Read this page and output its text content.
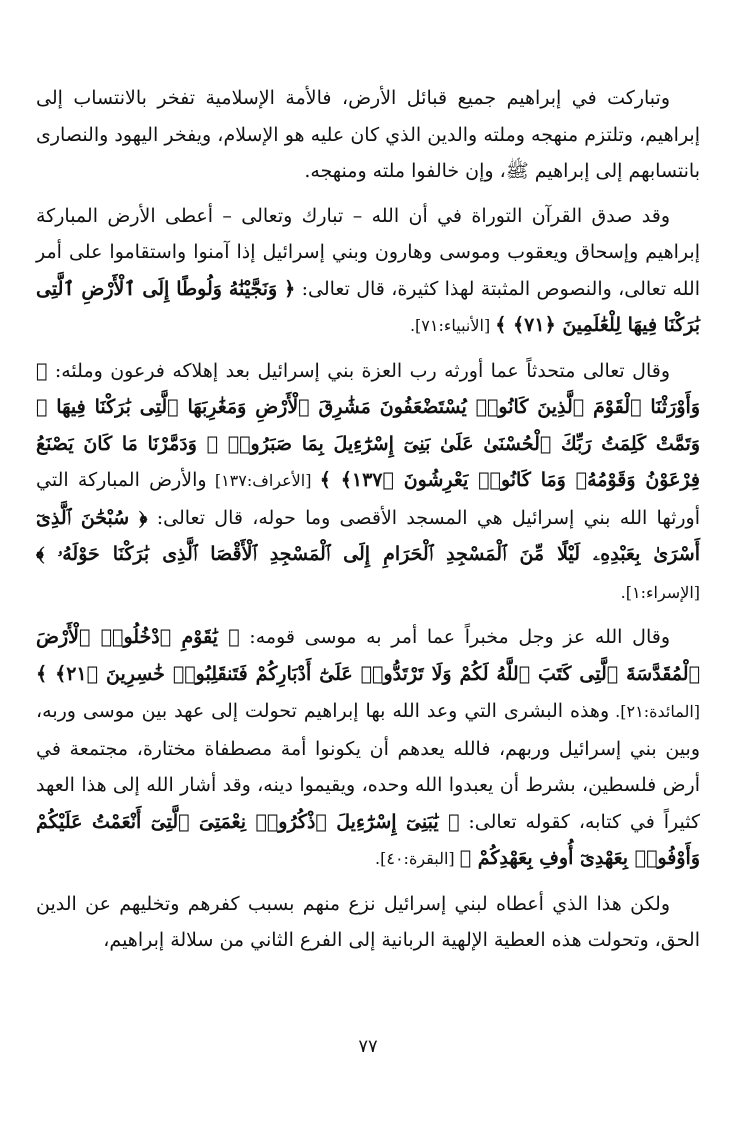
وتباركت في إبراهيم جميع قبائل الأرض، فالأمة الإسلامية تفخر بالانتساب إلى إبراهيم، وتلتزم منهجه وملته والدين الذي كان عليه هو الإسلام، ويفخر اليهود والنصارى بانتسابهم إلى إبراهيم ﷺ، وإن خالفوا ملته ومنهجه.

وقد صدق القرآن التوراة في أن الله – تبارك وتعالى – أعطى الأرض المباركة إبراهيم وإسحاق ويعقوب وموسى وهارون وبني إسرائيل إذا آمنوا واستقاموا على أمر الله تعالى، والنصوص المثبتة لهذا كثيرة، قال تعالى: ﴿ وَنَجَّيْنَٰهُ وَلُوطًا إِلَى ٱلْأَرْضِ ٱلَّتِى بَٰرَكْنَا فِيهَا لِلْعَٰلَمِينَ ﴿٧١﴾ ﴾ [الأنبياء:٧١].

وقال تعالى متحدثاً عما أورثه رب العزة بني إسرائيل بعد إهلاكه فرعون وملئه: ﴿ وَأَوْرَثْنَا ٱلْقَوْمَ ٱلَّذِينَ كَانُوا۟ يُسْتَضْعَفُونَ مَشَٰرِقَ ٱلْأَرْضِ وَمَغَٰرِبَهَا ٱلَّتِى بَٰرَكْنَا فِيهَا ۖ وَتَمَّتْ كَلِمَتُ رَبِّكَ ٱلْحُسْنَىٰ عَلَىٰ بَنِىٓ إِسْرَٰٓءِيلَ بِمَا صَبَرُوا۟ ۖ وَدَمَّرْنَا مَا كَانَ يَصْنَعُ فِرْعَوْنُ وَقَوْمُهُۥ وَمَا كَانُوا۟ يَعْرِشُونَ ﴿١٣٧﴾ ﴾ [الأعراف:١٣٧] والأرض المباركة التي أورثها الله بني إسرائيل هي المسجد الأقصى وما حوله، قال تعالى: ﴿ سُبْحَٰنَ ٱلَّذِىٓ أَسْرَىٰ بِعَبْدِهِۦ لَيْلًا مِّنَ ٱلْمَسْجِدِ ٱلْحَرَامِ إِلَى ٱلْمَسْجِدِ ٱلْأَقْصَا ٱلَّذِى بَٰرَكْنَا حَوْلَهُۥ ﴾ [الإسراء:١].

وقال الله عز وجل مخبراً عما أمر به موسى قومه: ﴿ يَٰقَوْمِ ٱدْخُلُوا۟ ٱلْأَرْضَ ٱلْمُقَدَّسَةَ ٱلَّتِى كَتَبَ ٱللَّهُ لَكُمْ وَلَا تَرْتَدُّوا۟ عَلَىٰٓ أَدْبَارِكُمْ فَتَنقَلِبُوا۟ خَٰسِرِينَ ﴿٢١﴾ ﴾ [المائدة:٢١]. وهذه البشرى التي وعد الله بها إبراهيم تحولت إلى عهد بين موسى وربه، وبين بني إسرائيل وربهم، فالله يعدهم أن يكونوا أمة مصطفاة مختارة، مجتمعة في أرض فلسطين، بشرط أن يعبدوا الله وحده، ويقيموا دينه، وقد أشار الله إلى هذا العهد كثيراً في كتابه، كقوله تعالى: ﴿ يَٰبَنِىٓ إِسْرَٰٓءِيلَ ٱذْكُرُوا۟ نِعْمَتِىَ ٱلَّتِىٓ أَنْعَمْتُ عَلَيْكُمْ وَأَوْفُوا۟ بِعَهْدِىٓ أُوفِ بِعَهْدِكُمْ ﴾ [البقرة:٤٠].

ولكن هذا الذي أعطاه لبني إسرائيل نزع منهم بسبب كفرهم وتخليهم عن الدين الحق، وتحولت هذه العطية الإلهية الربانية إلى الفرع الثاني من سلالة إبراهيم،

٧٧
